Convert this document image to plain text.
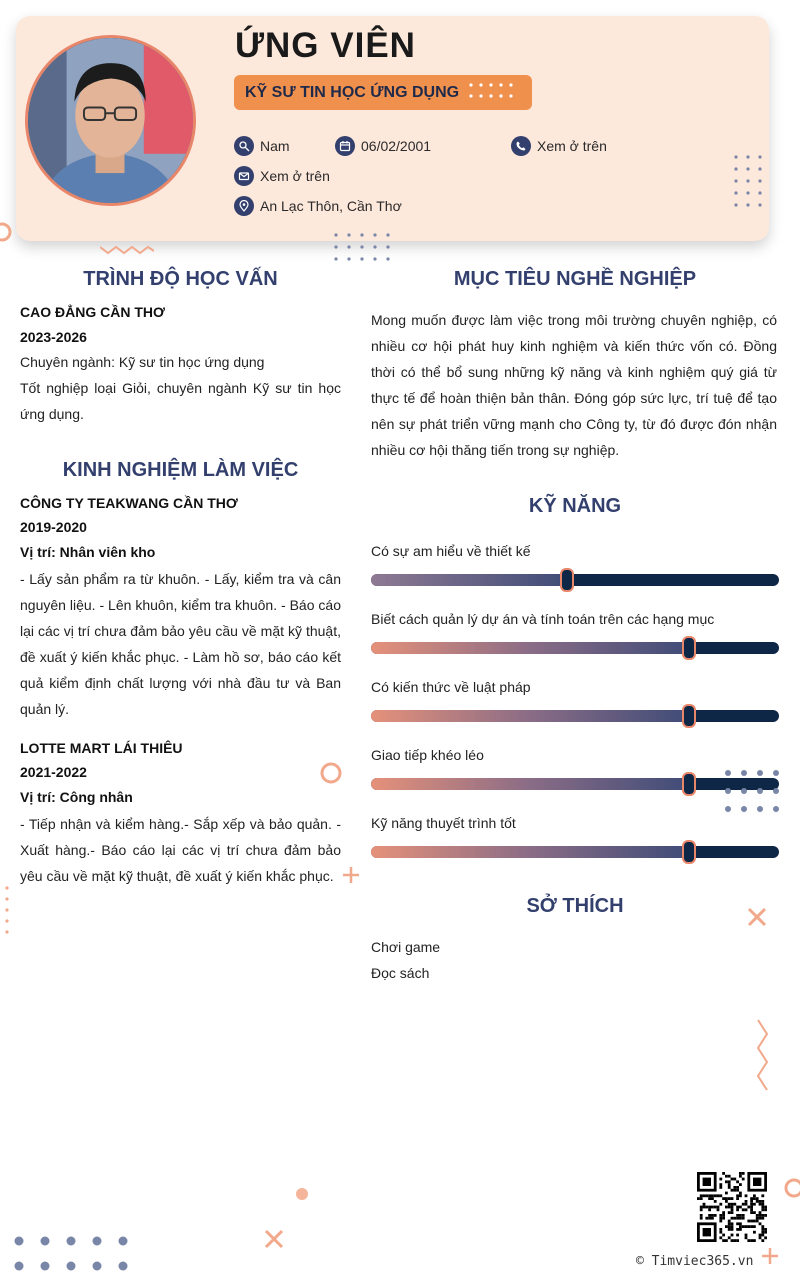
ỨNG VIÊN
KỸ SƯ TIN HỌC ỨNG DỤNG
Nam	06/02/2001	Xem ở trên
Xem ở trên
An Lạc Thôn, Cần Thơ
TRÌNH ĐỘ HỌC VẤN
CAO ĐẲNG CẦN THƠ
2023-2026
Chuyên ngành: Kỹ sư tin học ứng dụng
Tốt nghiệp loại Giỏi, chuyên ngành Kỹ sư tin học ứng dụng.
KINH NGHIỆM LÀM VIỆC
CÔNG TY TEAKWANG CẦN THƠ
2019-2020
Vị trí: Nhân viên kho
- Lấy sản phẩm ra từ khuôn. - Lấy, kiểm tra và cân nguyên liệu. - Lên khuôn, kiểm tra khuôn. - Báo cáo lại các vị trí chưa đảm bảo yêu cầu về mặt kỹ thuật, đề xuất ý kiến khắc phục. - Làm hồ sơ, báo cáo kết quả kiểm định chất lượng với nhà đầu tư và Ban quản lý.
LOTTE MART LÁI THIÊU
2021-2022
Vị trí: Công nhân
- Tiếp nhận và kiểm hàng.- Sắp xếp và bảo quản. - Xuất hàng.- Báo cáo lại các vị trí chưa đảm bảo yêu cầu về mặt kỹ thuật, đề xuất ý kiến khắc phục.
MỤC TIÊU NGHỀ NGHIỆP
Mong muốn được làm việc trong môi trường chuyên nghiệp, có nhiều cơ hội phát huy kinh nghiệm và kiến thức vốn có. Đồng thời có thể bổ sung những kỹ năng và kinh nghiệm quý giá từ thực tế để hoàn thiện bản thân. Đóng góp sức lực, trí tuệ để tạo nên sự phát triển vững mạnh cho Công ty, từ đó được đón nhận nhiều cơ hội thăng tiến trong sự nghiệp.
KỸ NĂNG
Có sự am hiểu về thiết kế
Biết cách quản lý dự án và tính toán trên các hạng mục
Có kiến thức về luật pháp
Giao tiếp khéo léo
Kỹ năng thuyết trình tốt
SỞ THÍCH
Chơi game
Đọc sách
© Timviec365.vn
